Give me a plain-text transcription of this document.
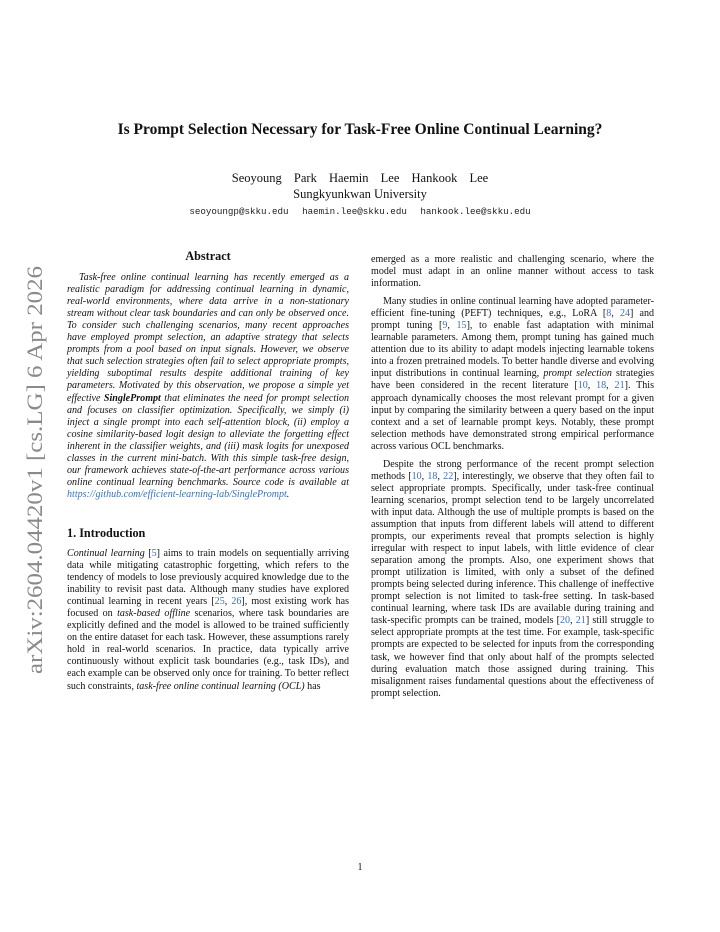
arXiv:2604.04420v1 [cs.LG] 6 Apr 2026
Is Prompt Selection Necessary for Task-Free Online Continual Learning?
Seoyoung Park Haemin Lee Hankook Lee
Sungkyunkwan University
seoyoungp@skku.edu haemin.lee@skku.edu hankook.lee@skku.edu
Abstract

Task-free online continual learning has recently emerged as a realistic paradigm for addressing continual learning in dynamic, real-world environments, where data arrive in a non-stationary stream without clear task boundaries and can only be observed once. To consider such challenging scenarios, many recent approaches have employed prompt selection, an adaptive strategy that selects prompts from a pool based on input signals. However, we observe that such selection strategies often fail to select appropriate prompts, yielding suboptimal results despite additional training of key parameters. Motivated by this observation, we propose a simple yet effective SinglePrompt that eliminates the need for prompt selection and focuses on classifier optimization. Specifically, we simply (i) inject a single prompt into each self-attention block, (ii) employ a cosine similarity-based logit design to alleviate the forgetting effect inherent in the classifier weights, and (iii) mask logits for unexposed classes in the current mini-batch. With this simple task-free design, our framework achieves state-of-the-art performance across various online continual learning benchmarks. Source code is available at https://github.com/efficient-learning-lab/SinglePrompt.

1. Introduction

Continual learning [5] aims to train models on sequentially arriving data while mitigating catastrophic forgetting, which refers to the tendency of models to lose previously acquired knowledge due to the inability to revisit past data. Although many studies have explored continual learning in recent years [25, 26], most existing work has focused on task-based offline scenarios, where task boundaries are explicitly defined and the model is allowed to be trained sufficiently on the entire dataset for each task. However, these assumptions rarely hold in real-world scenarios. In practice, data typically arrive continuously without explicit task boundaries (e.g., task IDs), and each example can be observed only once for training. To better reflect such constraints, task-free online continual learning (OCL) has

emerged as a more realistic and challenging scenario, where the model must adapt in an online manner without access to task information.

Many studies in online continual learning have adopted parameter-efficient fine-tuning (PEFT) techniques, e.g., LoRA [8, 24] and prompt tuning [9, 15], to enable fast adaptation with minimal learnable parameters. Among them, prompt tuning has gained much attention due to its ability to adapt models injecting learnable tokens into a frozen pretrained models. To better handle diverse and evolving input distributions in continual learning, prompt selection strategies have been considered in the recent literature [10, 18, 21]. This approach dynamically chooses the most relevant prompt for a given input by comparing the similarity between a query based on the input context and a set of learnable prompt keys. Notably, these prompt selection methods have demonstrated strong empirical performance across various OCL benchmarks.

Despite the strong performance of the recent prompt selection methods [10, 18, 22], interestingly, we observe that they often fail to select appropriate prompts. Specifically, under task-free continual learning scenarios, prompt selection tend to be largely uncorrelated with input data. Although the use of multiple prompts is based on the assumption that inputs from different labels will attend to different prompts, our experiments reveal that prompts selection is highly irregular with respect to input labels, with little evidence of clear separation among the prompts. Also, one experiment shows that prompt utilization is limited, with only a subset of the defined prompts being selected during inference. This challenge of ineffective prompt selection is not limited to task-free setting. In task-based continual learning, where task IDs are available during training and task-specific prompts can be trained, models [20, 21] still struggle to select appropriate prompts at the test time. For example, task-specific prompts are expected to be selected for inputs from the corresponding task, we however find that only about half of the prompts selected during evaluation match those assigned during training. This misalignment raises fundamental questions about the effectiveness of prompt selection.

1
